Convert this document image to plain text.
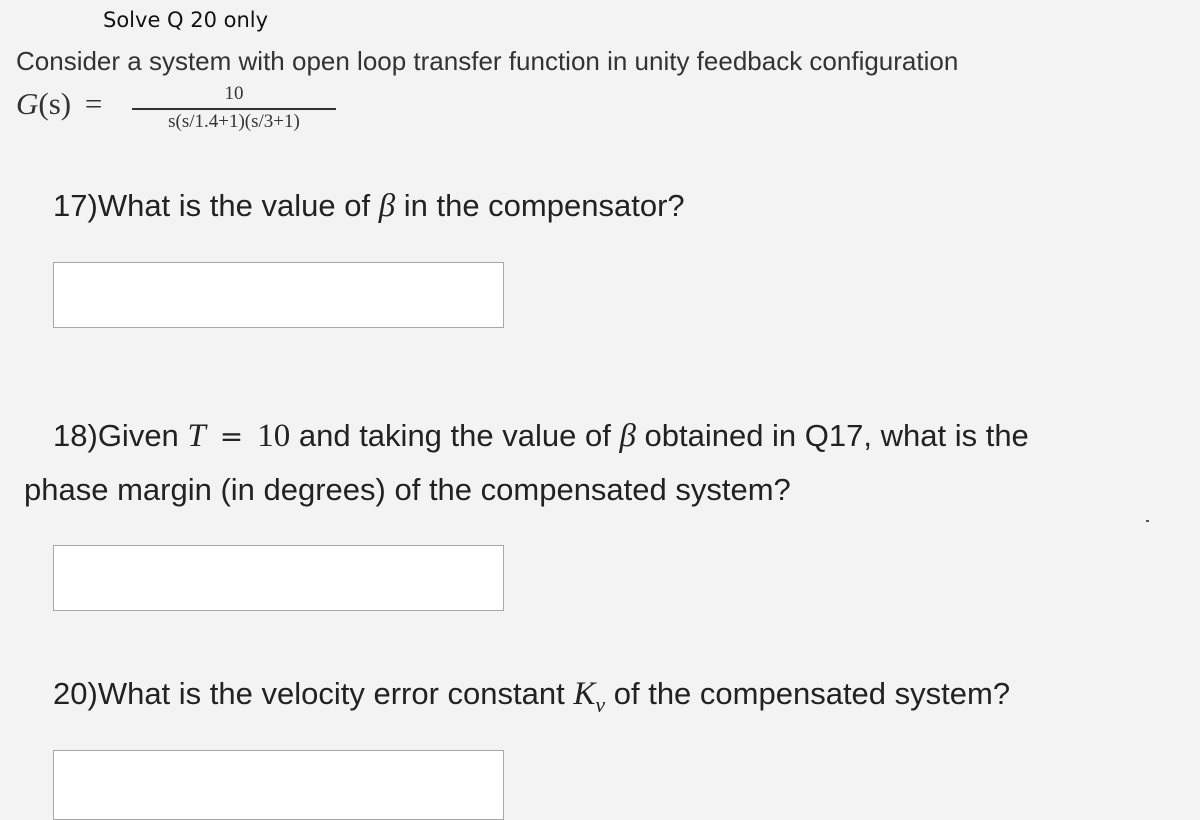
Solve Q 20 only
Consider a system with open loop transfer function in unity feedback configuration
G(s) =	10
s(s/1.4+1)(s/3+1)
17)What is the value of β in the compensator?
18)Given T = 10 and taking the value of β obtained in Q17, what is the
phase margin (in degrees) of the compensated system?
20)What is the velocity error constant $K_v$ of the compensated system?
